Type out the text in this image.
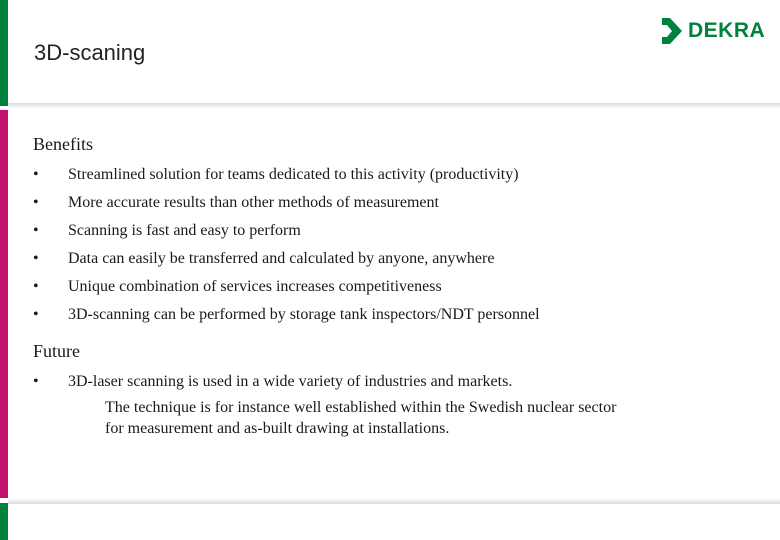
3D-scaning
DEKRA
Benefits
•	Streamlined solution for teams dedicated to this activity (productivity)
•	More accurate results than other methods of measurement
•	Scanning is fast and easy to perform
•	Data can easily be transferred and calculated by anyone, anywhere
•	Unique combination of services increases competitiveness
•	3D-scanning can be performed by storage tank inspectors/NDT personnel
Future
•	3D-laser scanning is used in a wide variety of industries and markets.

The technique is for instance well established within the Swedish nuclear sector
for measurement and as-built drawing at installations.
